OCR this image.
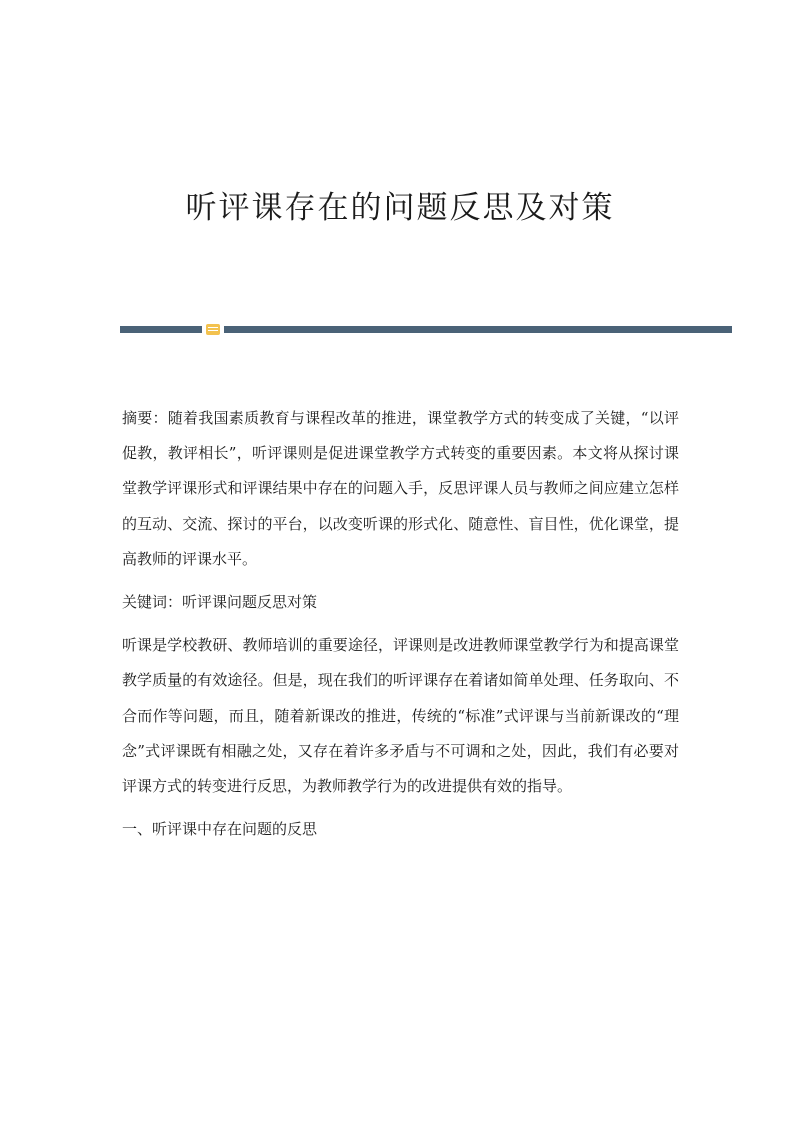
听评课存在的问题反思及对策

摘要：随着我国素质教育与课程改革的推进，课堂教学方式的转变成了关键，“以评促教，教评相长”，听评课则是促进课堂教学方式转变的重要因素。本文将从探讨课堂教学评课形式和评课结果中存在的问题入手，反思评课人员与教师之间应建立怎样的互动、交流、探讨的平台，以改变听课的形式化、随意性、盲目性，优化课堂，提高教师的评课水平。

关键词：听评课问题反思对策

听课是学校教研、教师培训的重要途径，评课则是改进教师课堂教学行为和提高课堂教学质量的有效途径。但是，现在我们的听评课存在着诸如简单处理、任务取向、不合而作等问题，而且，随着新课改的推进，传统的“标准”式评课与当前新课改的“理念”式评课既有相融之处，又存在着许多矛盾与不可调和之处，因此，我们有必要对评课方式的转变进行反思，为教师教学行为的改进提供有效的指导。

一、听评课中存在问题的反思
